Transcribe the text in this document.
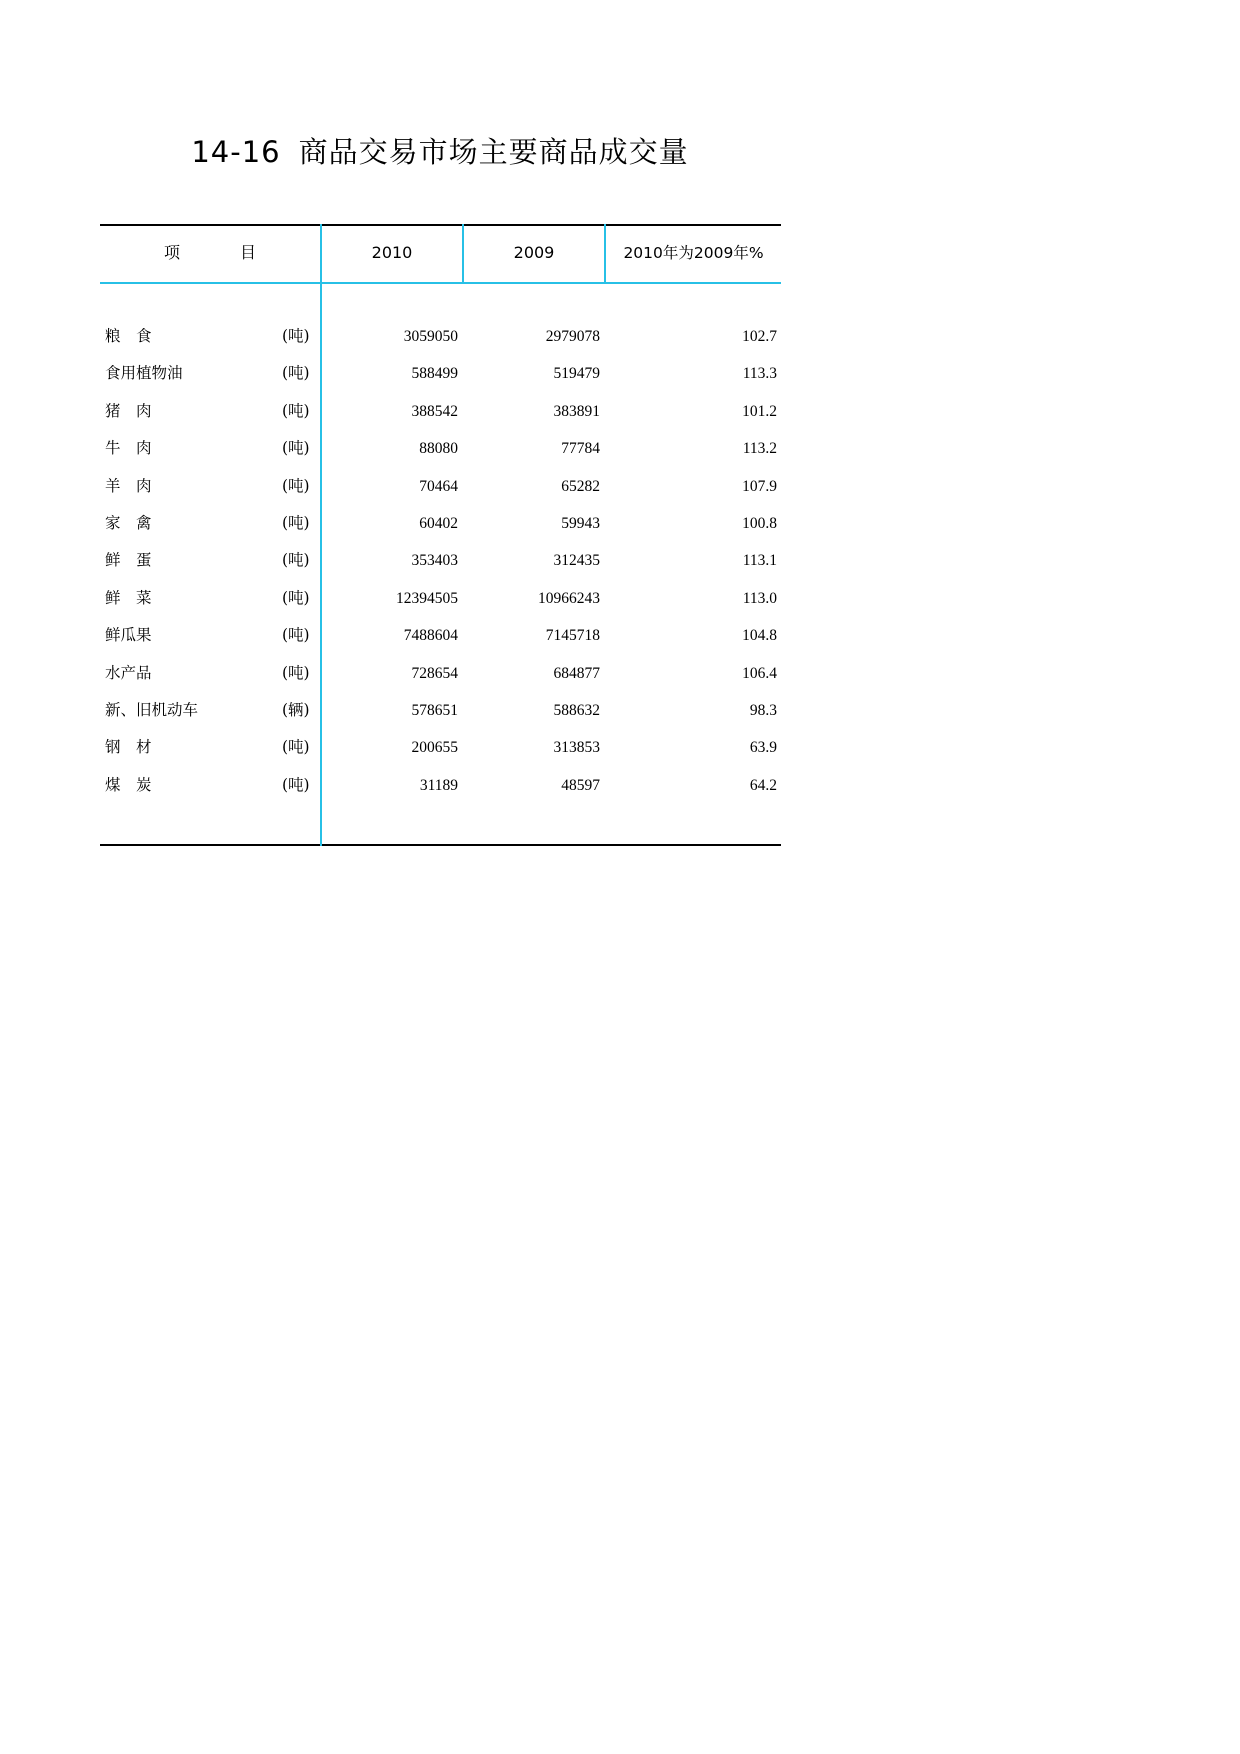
14-16 商品交易市场主要商品成交量
项	目	2010	2009	2010年为2009年%
粮　食	(吨)	3059050	2979078	102.7
食用植物油	(吨)	588499	519479	113.3
猪　肉	(吨)	388542	383891	101.2
牛　肉	(吨)	88080	77784	113.2
羊　肉	(吨)	70464	65282	107.9
家　禽	(吨)	60402	59943	100.8
鲜　蛋	(吨)	353403	312435	113.1
鲜　菜	(吨)	12394505	10966243	113.0
鲜瓜果	(吨)	7488604	7145718	104.8
水产品	(吨)	728654	684877	106.4
新、旧机动车	(辆)	578651	588632	98.3
钢　材	(吨)	200655	313853	63.9
煤　炭	(吨)	31189	48597	64.2
